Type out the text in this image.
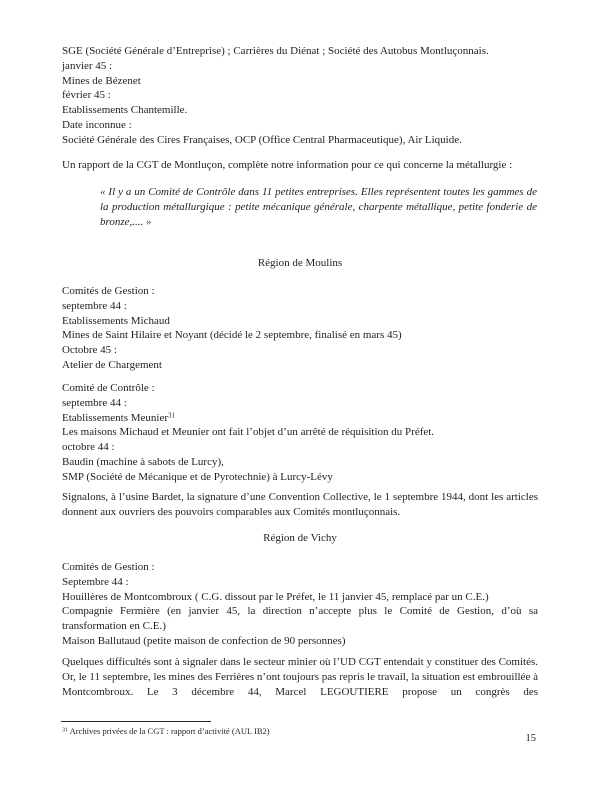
SGE (Société Générale d’Entreprise) ; Carrières du Diénat ; Société des Autobus Montluçonnais.
janvier 45 :
Mines de Bézenet
février 45 :
Etablissements Chantemille.
Date inconnue :
Société Générale des Cires Françaises, OCP (Office Central Pharmaceutique), Air Liquide.
Un rapport de la CGT de Montluçon, complète notre information pour ce qui concerne la métallurgie :
« Il y a un Comité de Contrôle dans 11 petites entreprises. Elles représentent toutes les gammes de la production métallurgique : petite mécanique générale, charpente métallique, petite fonderie de bronze,.... »
Région de Moulins
Comités de Gestion :
septembre 44 :
Etablissements Michaud
Mines de Saint Hilaire et Noyant (décidé le 2 septembre, finalisé en mars 45)
Octobre 45 :
Atelier de Chargement
Comité de Contrôle :
septembre 44 :
Etablissements Meunier$^{31}$
Les maisons Michaud et Meunier ont fait l’objet d’un arrêté de réquisition du Préfet.
octobre 44 :
Baudin (machine à sabots de Lurcy),
SMP (Société de Mécanique et de Pyrotechnie) à Lurcy-Lévy
Signalons, à l’usine Bardet, la signature d’une Convention Collective, le 1 septembre 1944, dont les articles donnent aux ouvriers des pouvoirs comparables aux Comités montluçonnais.
Région de Vichy
Comités de Gestion :
Septembre 44 :
Houillères de Montcombroux ( C.G. dissout par le Préfet, le 11 janvier 45, remplacé par un C.E.)
Compagnie Fermière (en janvier 45, la direction n’accepte plus le Comité de Gestion, d’où sa transformation en C.E.)
Maison Ballutaud (petite maison de confection de 90 personnes)
Quelques difficultés sont à signaler dans le secteur minier où l’UD CGT entendait y constituer des Comités. Or, le 11 septembre, les mines des Ferrières n’ont toujours pas repris le travail, la situation est embrouillée à Montcombroux. Le 3 décembre 44, Marcel LEGOUTIERE propose un congrès des
$^{31}$ Archives privées de la CGT : rapport d’activité (AUL IB2)
15
